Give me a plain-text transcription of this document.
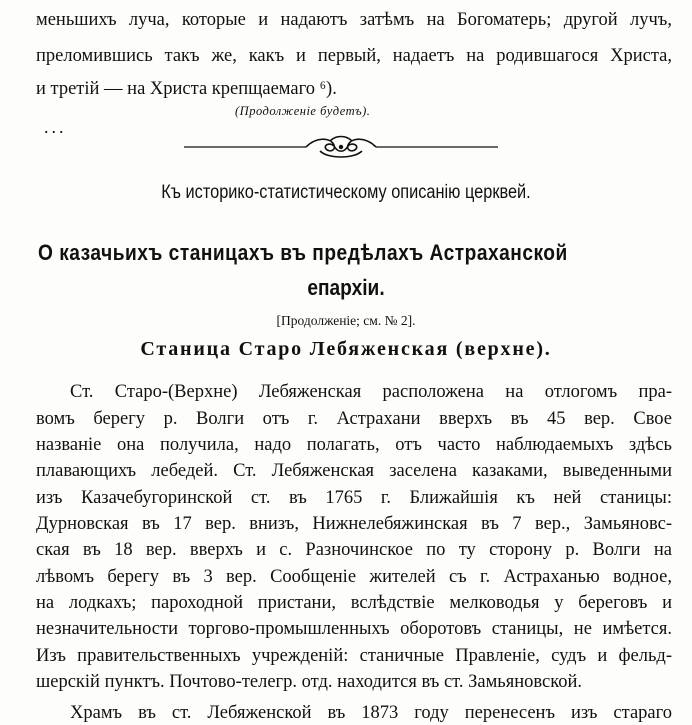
меньшихъ луча, которые и надаютъ затѣмъ на Богоматерь; другой лучъ,
преломившись такъ же, какъ и первый, надаетъ на родившагося Христа,
и третій — на Христа крепщаемаго ⁶).
(Продолженіе будетъ).
...
Къ историко-статистическому описанію церквей.
О казачьихъ станицахъ въ предѣлахъ Астраханской
епархіи.
[Продолженіе; см. № 2].
Станица Старо Лебяженская (верхне).
Ст. Старо-(Верхне) Лебяженская расположена на отлогомъ пра-
вомъ берегу р. Волги отъ г. Астрахани вверхъ въ 45 вер. Свое
названіе она получила, надо полагать, отъ часто наблюдаемыхъ здѣсь
плавающихъ лебедей. Ст. Лебяженская заселена казаками, выведенными
изъ Казачебугоринской ст. въ 1765 г. Ближайшія къ ней станицы:
Дурновская въ 17 вер. внизъ, Нижнелебяжинская въ 7 вер., Замьяновс-
ская въ 18 вер. вверхъ и с. Разночинское по ту сторону р. Волги на
лѣвомъ берегу въ 3 вер. Сообщеніе жителей съ г. Астраханью водное,
на лодкахъ; пароходной пристани, вслѣдствіе мелководья у береговъ и
незначительности торгово-промышленныхъ оборотовъ станицы, не имѣется.
Изъ правительственныхъ учрежденій: станичные Правленіе, судъ и фельд-
шерскій пунктъ. Почтово-телегр. отд. находится въ ст. Замьяновской.
Храмъ въ ст. Лебяженской въ 1873 году перенесенъ изъ стараго
